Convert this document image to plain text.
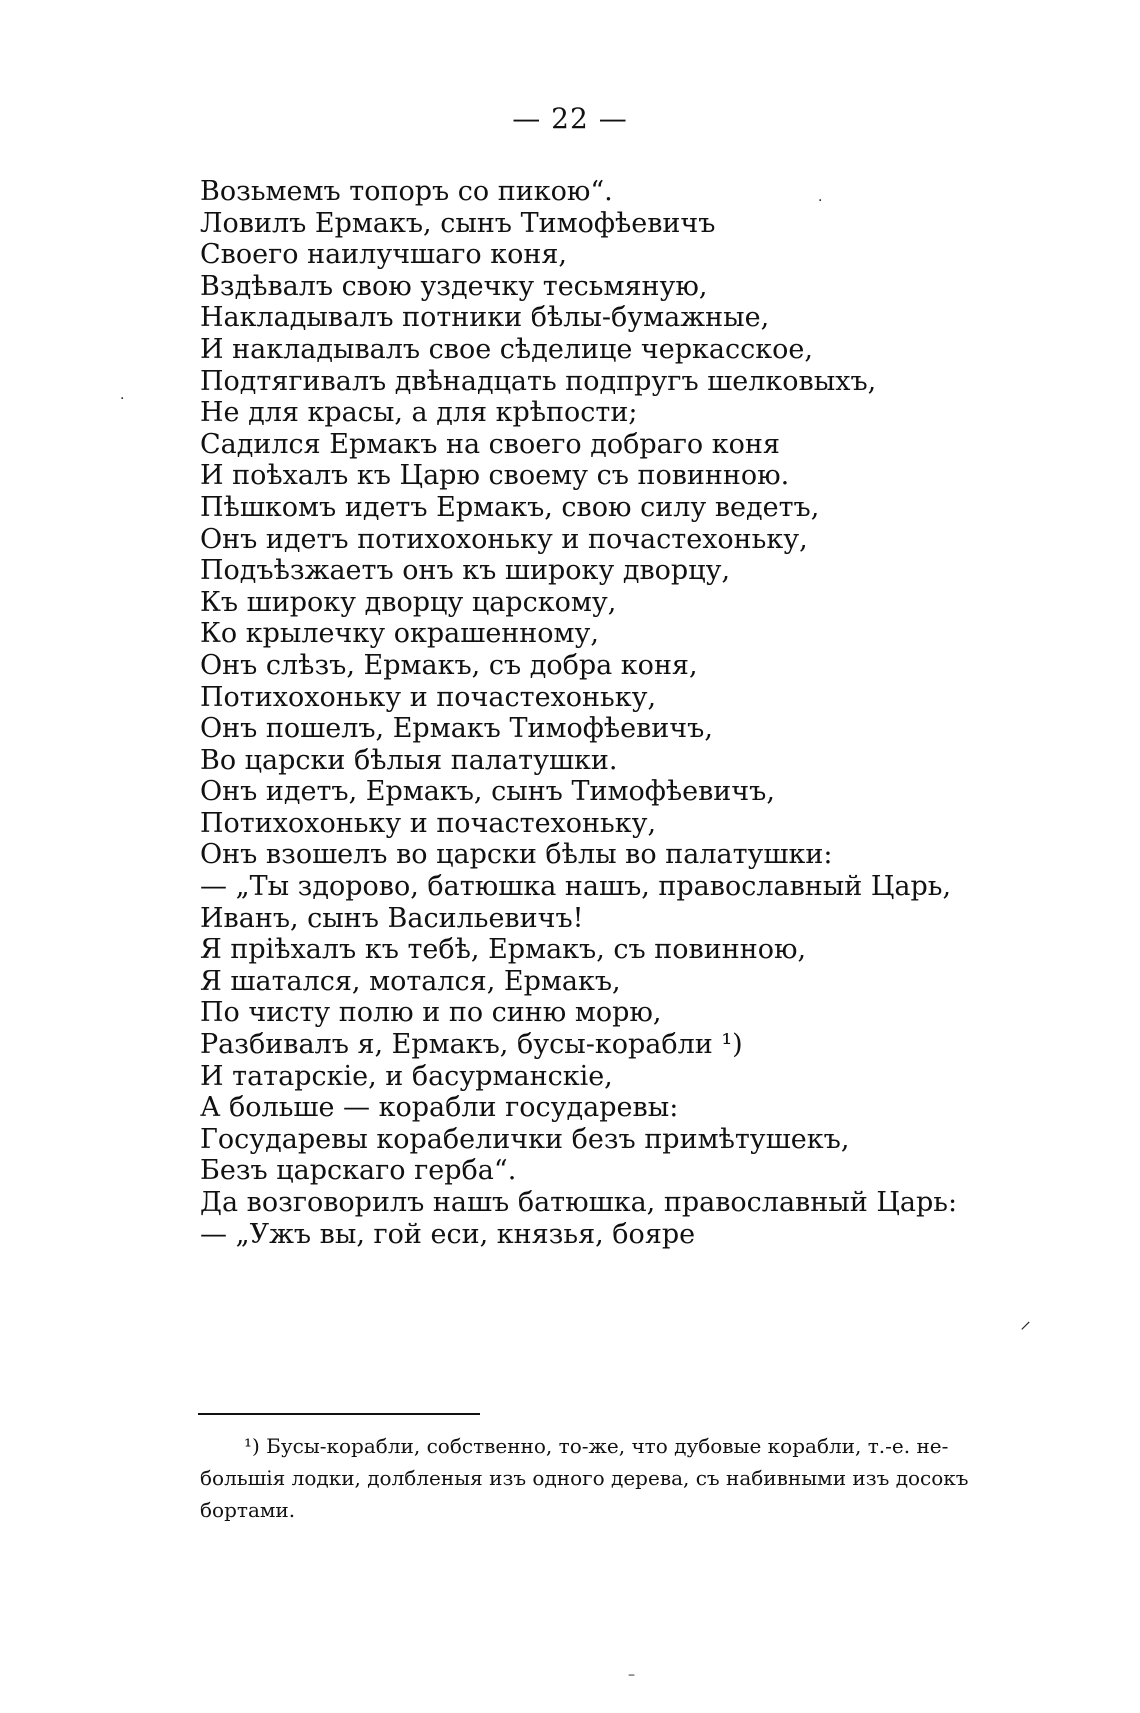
— 22 —
Возьмемъ топоръ со пикою“.
Ловилъ Ермакъ, сынъ Тимофѣевичъ
Своего наилучшаго коня,
Вздѣвалъ свою уздечку тесьмяную,
Накладывалъ потники бѣлы-бумажные,
И накладывалъ свое сѣделице черкасское,
Подтягивалъ двѣнадцать подпругъ шелковыхъ,
Не для красы, а для крѣпости;
Садился Ермакъ на своего добраго коня
И поѣхалъ къ Царю своему съ повинною.
Пѣшкомъ идетъ Ермакъ, свою силу ведетъ,
Онъ идетъ потихохоньку и почастехоньку,
Подъѣзжаетъ онъ къ широку дворцу,
Къ широку дворцу царскому,
Ко крылечку окрашенному,
Онъ слѣзъ, Ермакъ, съ добра коня,
Потихохоньку и почастехоньку,
Онъ пошелъ, Ермакъ Тимофѣевичъ,
Во царски бѣлыя палатушки.
Онъ идетъ, Ермакъ, сынъ Тимофѣевичъ,
Потихохоньку и почастехоньку,
Онъ взошелъ во царски бѣлы во палатушки:
— „Ты здорово, батюшка нашъ, православный Царь,
Иванъ, сынъ Васильевичъ!
Я пріѣхалъ къ тебѣ, Ермакъ, съ повинною,
Я шатался, мотался, Ермакъ,
По чисту полю и по синю морю,
Разбивалъ я, Ермакъ, бусы-корабли ¹)
И татарскіе, и басурманскіе,
А больше — корабли государевы:
Государевы корабелички безъ примѣтушекъ,
Безъ царскаго герба“.
Да возговорилъ нашъ батюшка, православный Царь:
— „Ужъ вы, гой еси, князья, бояре
¹) Бусы-корабли, собственно, то-же, что дубовые корабли, т.-е. не-
большія лодки, долбленыя изъ одного дерева, съ набивными изъ досокъ
бортами.
·
·
⸝
–
